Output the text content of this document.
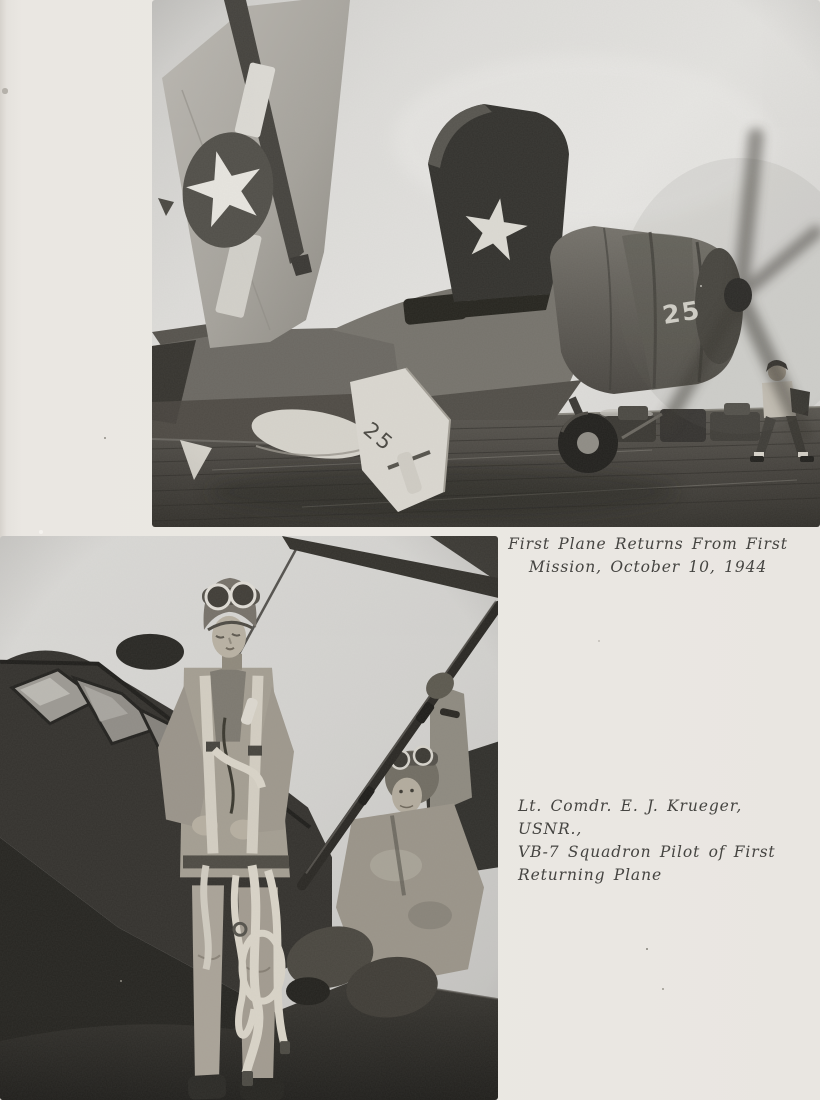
First Plane Returns From First
Mission, October 10, 1944
Lt. Comdr. E. J. Krueger, USNR.,
VB-7 Squadron Pilot of First
Returning Plane
